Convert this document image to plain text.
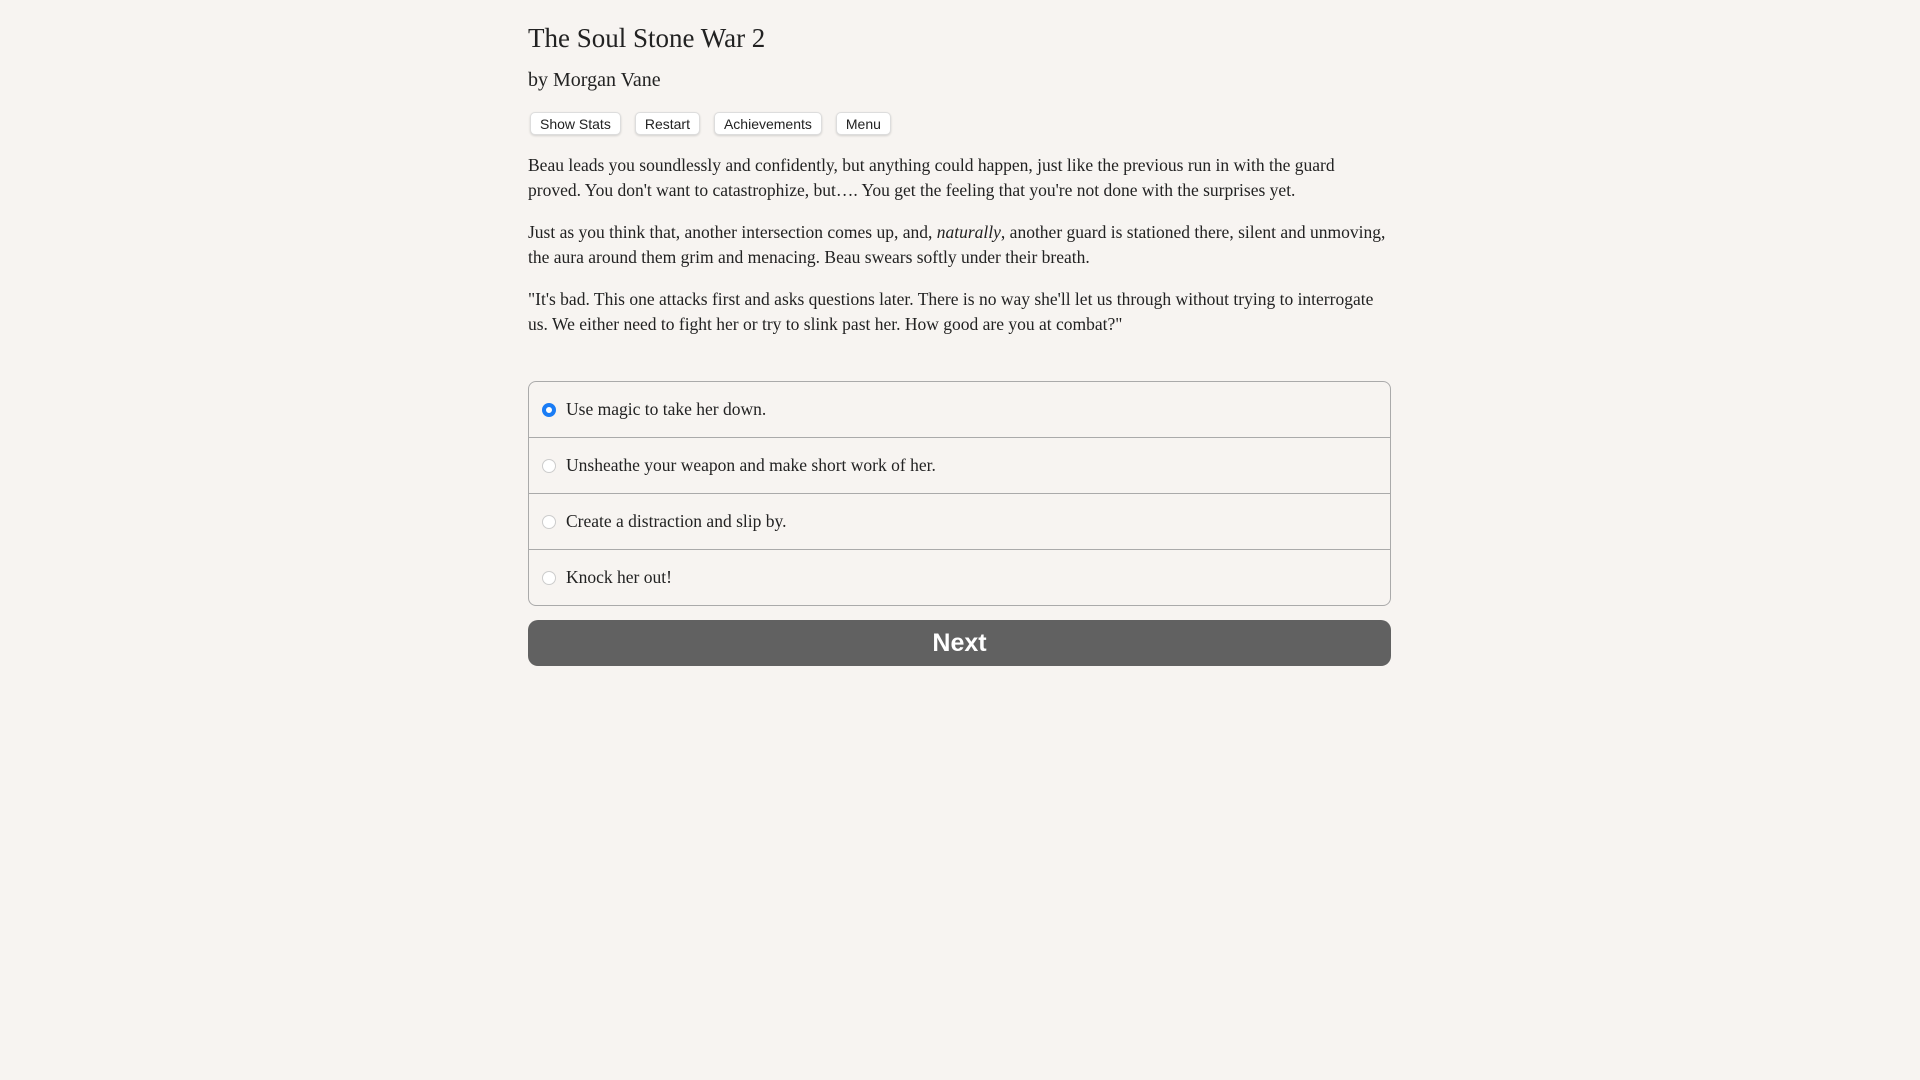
The Soul Stone War 2
by Morgan Vane
Show Stats	Restart	Achievements	Menu

Beau leads you soundlessly and confidently, but anything could happen, just like the previous run in with the guard proved. You don't want to catastrophize, but…. You get the feeling that you're not done with the surprises yet.

Just as you think that, another intersection comes up, and, naturally, another guard is stationed there, silent and unmoving, the aura around them grim and menacing. Beau swears softly under their breath.

"It's bad. This one attacks first and asks questions later. There is no way she'll let us through without trying to interrogate us. We either need to fight her or try to slink past her. How good are you at combat?"

Use magic to take her down.
Unsheathe your weapon and make short work of her.
Create a distraction and slip by.
Knock her out!
Next
